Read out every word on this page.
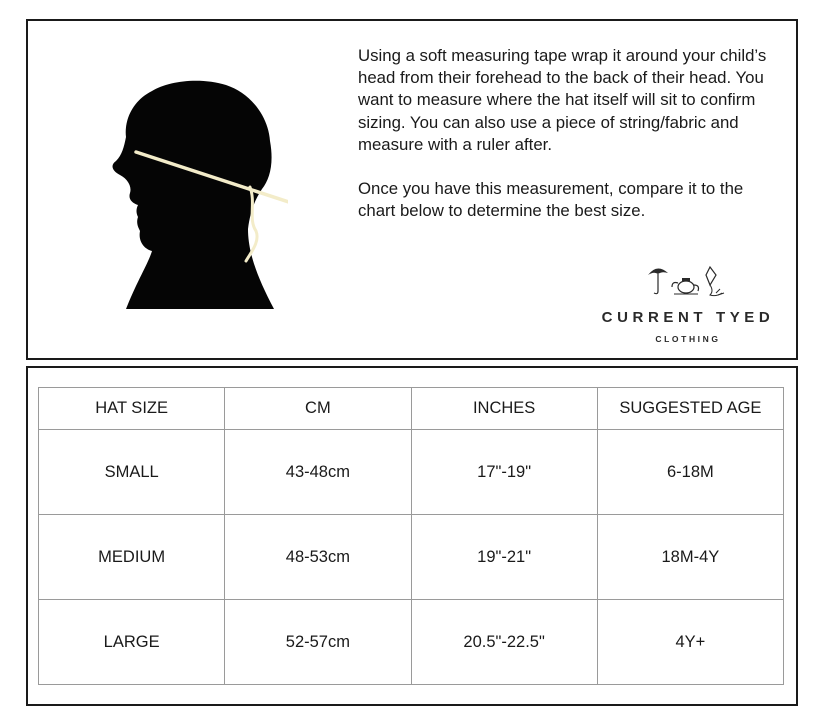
Using a soft measuring tape wrap it around your child’s head from their forehead to the back of their head. You want to measure where the hat itself will sit to confirm sizing. You can also use a piece of string/fabric and measure with a ruler after.

Once you have this measurement, compare it to the chart below to determine the best size.

CURRENT TYED
CLOTHING
HAT SIZE	CM	INCHES	SUGGESTED AGE
SMALL	43-48cm	17"-19"	6-18M
MEDIUM	48-53cm	19"-21"	18M-4Y
LARGE	52-57cm	20.5"-22.5"	4Y+
